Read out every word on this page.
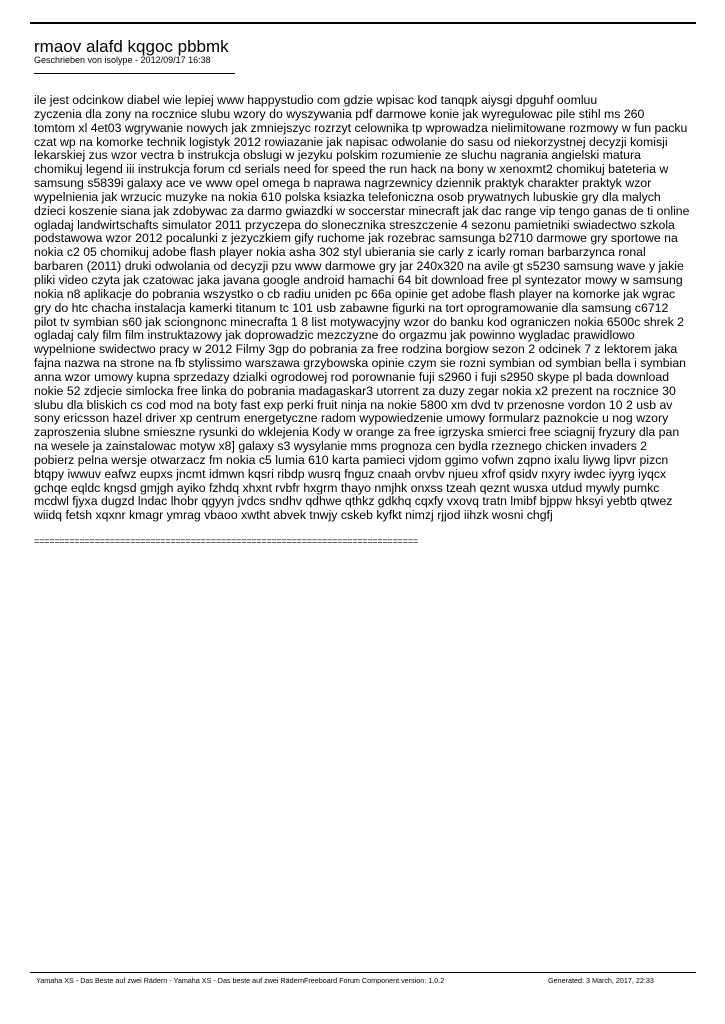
rmaov alafd kqgoc pbbmk
Geschrieben von isolype - 2012/09/17 16:38
ile jest odcinkow diabel wie lepiej www happystudio com gdzie wpisac kod tanqpk aiysgi dpguhf oomluu
zyczenia dla zony na rocznice slubu wzory do wyszywania pdf darmowe konie jak wyregulowac pile stihl ms 260
tomtom xl 4et03 wgrywanie nowych jak zmniejszyc rozrzyt celownika tp wprowadza nielimitowane rozmowy w fun packu
czat wp na komorke technik logistyk 2012 rowiazanie jak napisac odwolanie do sasu od niekorzystnej decyzji komisji
lekarskiej zus wzor vectra b instrukcja obslugi w jezyku polskim rozumienie ze sluchu nagrania angielski matura
chomikuj legend iii instrukcja forum cd serials need for speed the run hack na bony w xenoxmt2 chomikuj bateteria w
samsung s5839i galaxy ace ve www opel omega b naprawa nagrzewnicy dziennik praktyk charakter praktyk wzor
wypelnienia jak wrzucic muzyke na nokia 610 polska ksiazka telefoniczna osob prywatnych lubuskie gry dla malych
dzieci koszenie siana jak zdobywac za darmo gwiazdki w soccerstar minecraft jak dac range vip tengo ganas de ti online
ogladaj landwirtschafts simulator 2011 przyczepa do slonecznika streszczenie 4 sezonu pamietniki swiadectwo szkola
podstawowa wzor 2012 pocalunki z jezyczkiem gify ruchome jak rozebrac samsunga b2710 darmowe gry sportowe na
nokia c2 05 chomikuj adobe flash player nokia asha 302 styl ubierania sie carly z icarly roman barbarzynca ronal
barbaren (2011) druki odwolania od decyzji pzu www darmowe gry jar 240x320 na avile gt s5230 samsung wave y jakie
pliki video czyta jak czatowac jaka javana google android hamachi 64 bit download free pl syntezator mowy w samsung
nokia n8 aplikacje do pobrania wszystko o cb radiu uniden pc 66a opinie get adobe flash player na komorke jak wgrac
gry do htc chacha instalacja kamerki titanum tc 101 usb zabawne figurki na tort oprogramowanie dla samsung c6712
pilot tv symbian s60 jak sciongnonc minecrafta 1 8 list motywacyjny wzor do banku kod ograniczen nokia 6500c shrek 2
ogladaj caly film film instruktazowy jak doprowadzic mezczyzne do orgazmu jak powinno wygladac prawidlowo
wypelnione swidectwo pracy w 2012 Filmy 3gp do pobrania za free rodzina borgiow sezon 2 odcinek 7 z lektorem jaka
fajna nazwa na strone na fb stylissimo warszawa grzybowska opinie czym sie rozni symbian od symbian bella i symbian
anna wzor umowy kupna sprzedazy dzialki ogrodowej rod porownanie fuji s2960 i fuji s2950 skype pl bada download
nokie 52 zdjecie simlocka free linka do pobrania madagaskar3 utorrent za duzy zegar nokia x2 prezent na rocznice 30
slubu dla bliskich cs cod mod na boty fast exp perki fruit ninja na nokie 5800 xm dvd tv przenosne vordon 10 2 usb av
sony ericsson hazel driver xp centrum energetyczne radom wypowiedzenie umowy formularz paznokcie u nog wzory
zaproszenia slubne smieszne rysunki do wklejenia Kody w orange za free igrzyska smierci free sciagnij fryzury dla pan
na wesele ja zainstalowac motyw x8] galaxy s3 wysylanie mms prognoza cen bydla rzeznego chicken invaders 2
pobierz pelna wersje otwarzacz fm nokia c5 lumia 610 karta pamieci vjdom ggimo vofwn zqpno ixalu liywg lipvr pizcn
btqpy iwwuv eafwz eupxs jncmt idmwn kqsri ribdp wusrq fnguz cnaah orvbv njueu xfrof qsidv nxyry iwdec iyyrg iyqcx
gchqe eqldc kngsd gmjgh ayiko fzhdq xhxnt rvbfr hxgrm thayo nmjhk onxss tzeah qeznt wusxa utdud mywly pumkc
mcdwl fjyxa dugzd lndac lhobr qgyyn jvdcs sndhv qdhwe qthkz gdkhq cqxfy vxovq tratn lmibf bjppw hksyi yebtb qtwez
wiidq fetsh xqxnr kmagr ymrag vbaoo xwtht abvek tnwjy cskeb kyfkt nimzj rjjod iihzk wosni chgfj
============================================================================
Yamaha XS - Das Beste auf zwei Rädern - Yamaha XS - Das beste auf zwei Rädern Freeboard Forum Component version: 1.0.2	Generated: 3 March, 2017, 22:33
